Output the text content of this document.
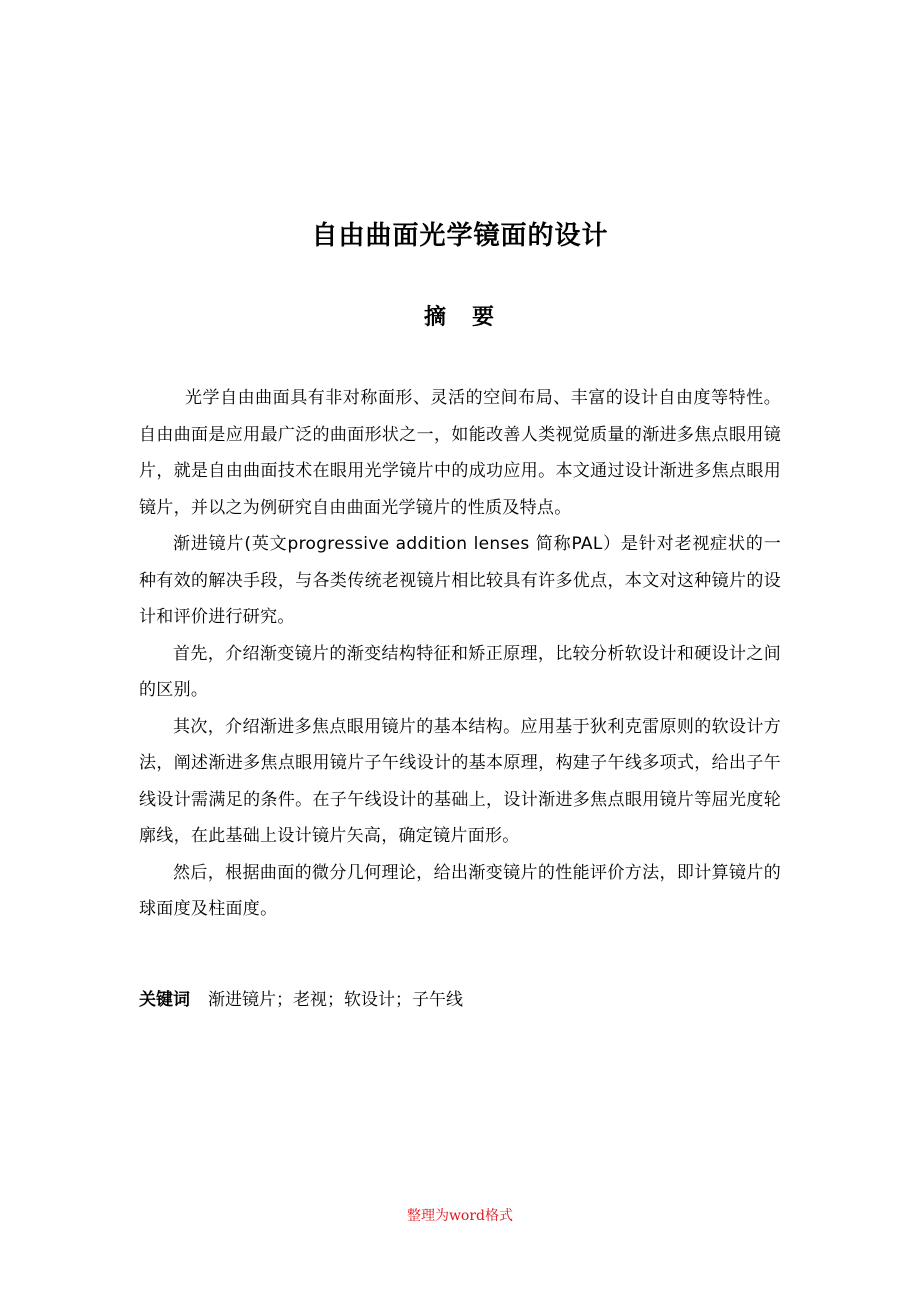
自由曲面光学镜面的设计
摘 要

光学自由曲面具有非对称面形、灵活的空间布局、丰富的设计自由度等特性。自由曲面是应用最广泛的曲面形状之一，如能改善人类视觉质量的渐进多焦点眼用镜片，就是自由曲面技术在眼用光学镜片中的成功应用。本文通过设计渐进多焦点眼用镜片，并以之为例研究自由曲面光学镜片的性质及特点。

渐进镜片(英文progressive addition lenses 简称PAL）是针对老视症状的一种有效的解决手段，与各类传统老视镜片相比较具有许多优点，本文对这种镜片的设计和评价进行研究。

首先，介绍渐变镜片的渐变结构特征和矫正原理，比较分析软设计和硬设计之间的区别。

其次，介绍渐进多焦点眼用镜片的基本结构。应用基于狄利克雷原则的软设计方法，阐述渐进多焦点眼用镜片子午线设计的基本原理，构建子午线多项式，给出子午线设计需满足的条件。在子午线设计的基础上，设计渐进多焦点眼用镜片等屈光度轮廓线，在此基础上设计镜片矢高，确定镜片面形。

然后，根据曲面的微分几何理论，给出渐变镜片的性能评价方法，即计算镜片的球面度及柱面度。

关键词 渐进镜片；老视；软设计；子午线
整理为word格式
